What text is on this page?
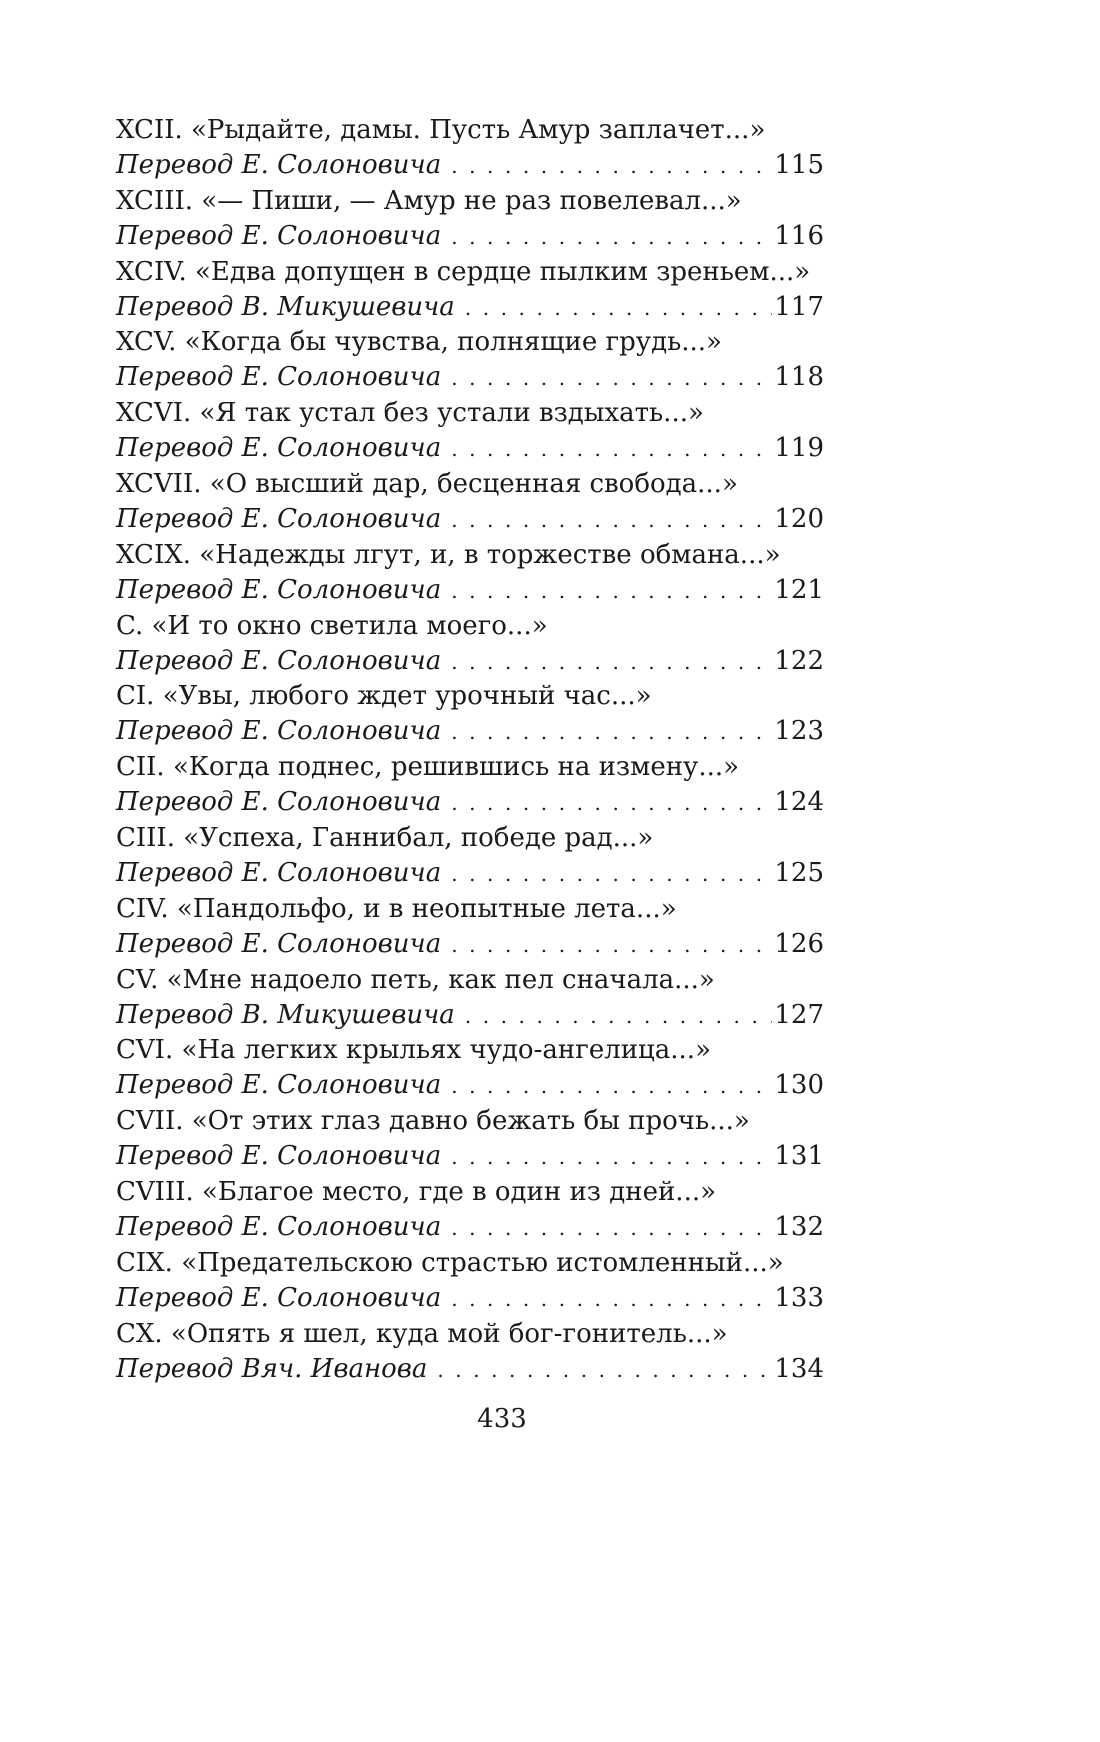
XCII. «Рыдайте, дамы. Пусть Амур заплачет...»
Перевод Е. Солоновича . . .	115
XCIII. «— Пиши, — Амур не раз повелевал...»
Перевод Е. Солоновича . . .	116
XCIV. «Едва допущен в сердце пылким зреньем...»
Перевод В. Микушевича . . .	117
XCV. «Когда бы чувства, полнящие грудь...»
Перевод Е. Солоновича . . .	118
XCVI. «Я так устал без устали вздыхать...»
Перевод Е. Солоновича . . .	119
XCVII. «О высший дар, бесценная свобода...»
Перевод Е. Солоновича . . .	120
XCIX. «Надежды лгут, и, в торжестве обмана...»
Перевод Е. Солоновича . . .	121
C. «И то окно светила моего...»
Перевод Е. Солоновича . . .	122
CI. «Увы, любого ждет урочный час...»
Перевод Е. Солоновича . . .	123
CII. «Когда поднес, решившись на измену...»
Перевод Е. Солоновича . . .	124
CIII. «Успеха, Ганнибал, победе рад...»
Перевод Е. Солоновича . . .	125
CIV. «Пандольфо, и в неопытные лета...»
Перевод Е. Солоновича . . .	126
CV. «Мне надоело петь, как пел сначала...»
Перевод В. Микушевича . . .	127
CVI. «На легких крыльях чудо-ангелица...»
Перевод Е. Солоновича . . .	130
CVII. «От этих глаз давно бежать бы прочь...»
Перевод Е. Солоновича . . .	131
CVIII. «Благое место, где в один из дней...»
Перевод Е. Солоновича . . .	132
CIX. «Предательскою страстью истомленный...»
Перевод Е. Солоновича . . .	133
CX. «Опять я шел, куда мой бог-гонитель...»
Перевод Вяч. Иванова . . .	134
433
